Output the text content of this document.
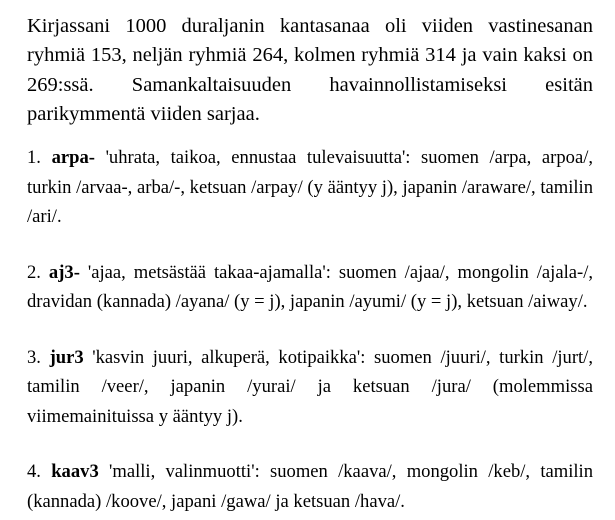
Kirjassani 1000 duraljanin kantasanaa oli viiden vastinesanan ryhmiä 153, neljän ryhmiä 264, kolmen ryhmiä 314 ja vain kaksi on 269:ssä. Samankaltaisuuden havainnollistamiseksi esitän parikymmentä viiden sarjaa.

1. arpa- 'uhrata, taikoa, ennustaa tulevaisuutta': suomen /arpa, arpoa/, turkin /arvaa-, arba/-, ketsuan /arpay/ (y ääntyy j), japanin /araware/, tamilin /ari/.

2. aj3- 'ajaa, metsästää takaa-ajamalla': suomen /ajaa/, mongolin /ajala-/, dravidan (kannada) /ayana/ (y = j), japanin /ayumi/ (y = j), ketsuan /aiway/.

3. jur3 'kasvin juuri, alkuperä, kotipaikka': suomen /juuri/, turkin /jurt/, tamilin /veer/, japanin /yurai/ ja ketsuan /jura/ (molemmissa viimemainituissa y ääntyy j).

4. kaav3 'malli, valinmuotti': suomen /kaava/, mongolin /keb/, tamilin (kannada) /koove/, japani /gawa/ ja ketsuan /hava/.
